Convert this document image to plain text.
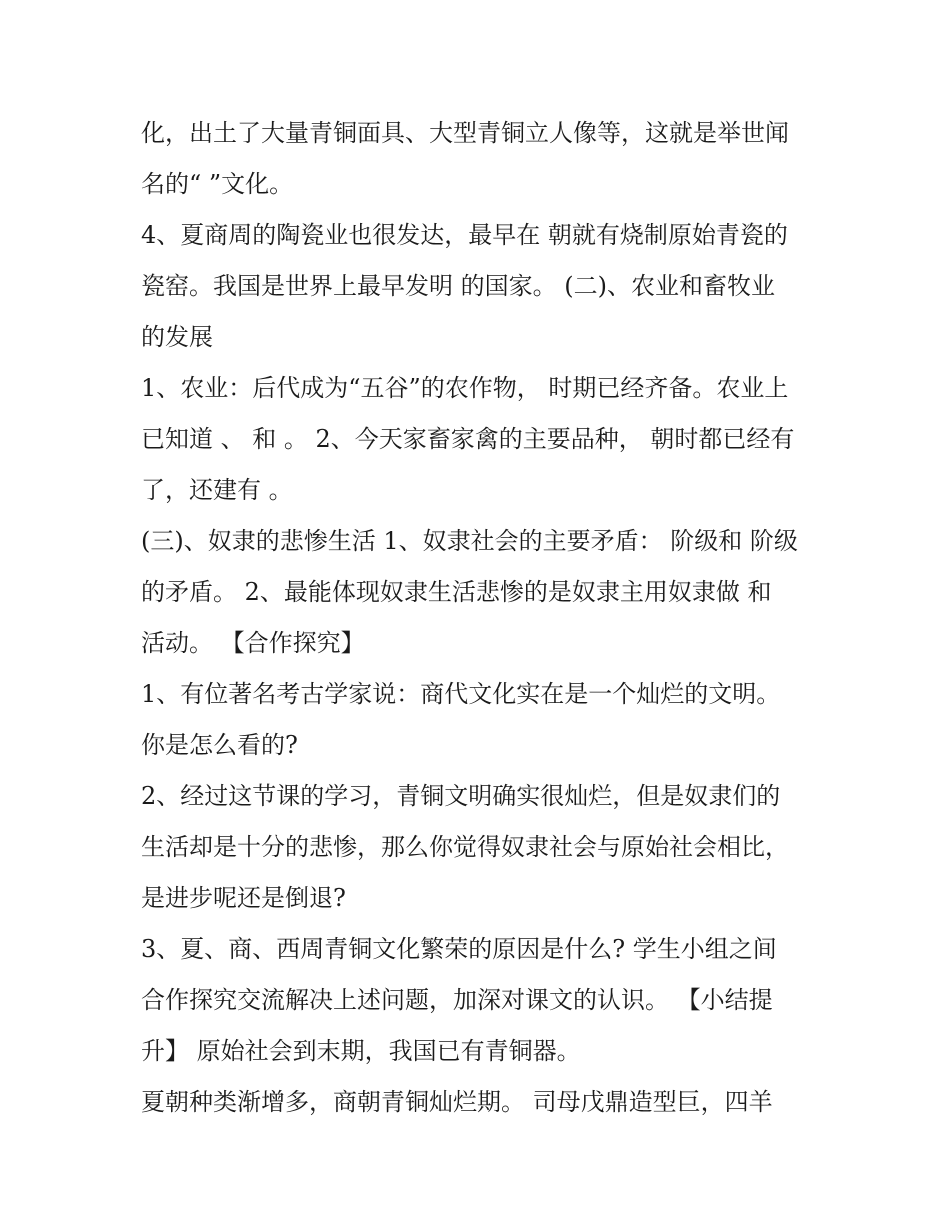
化，出土了大量青铜面具、大型青铜立人像等，这就是举世闻
名的“ ”文化。
4、夏商周的陶瓷业也很发达，最早在 朝就有烧制原始青瓷的
瓷窑。我国是世界上最早发明 的国家。 (二)、农业和畜牧业
的发展
1、农业：后代成为“五谷”的农作物， 时期已经齐备。农业上
已知道 、 和 。 2、今天家畜家禽的主要品种， 朝时都已经有
了，还建有 。
(三)、奴隶的悲惨生活 1、奴隶社会的主要矛盾： 阶级和 阶级
的矛盾。 2、最能体现奴隶生活悲惨的是奴隶主用奴隶做 和
活动。 【合作探究】
1、有位著名考古学家说：商代文化实在是一个灿烂的文明。
你是怎么看的?
2、经过这节课的学习，青铜文明确实很灿烂，但是奴隶们的
生活却是十分的悲惨，那么你觉得奴隶社会与原始社会相比，
是进步呢还是倒退?
3、夏、商、西周青铜文化繁荣的原因是什么? 学生小组之间
合作探究交流解决上述问题，加深对课文的认识。 【小结提
升】 原始社会到末期，我国已有青铜器。
夏朝种类渐增多，商朝青铜灿烂期。 司母戊鼎造型巨，四羊
